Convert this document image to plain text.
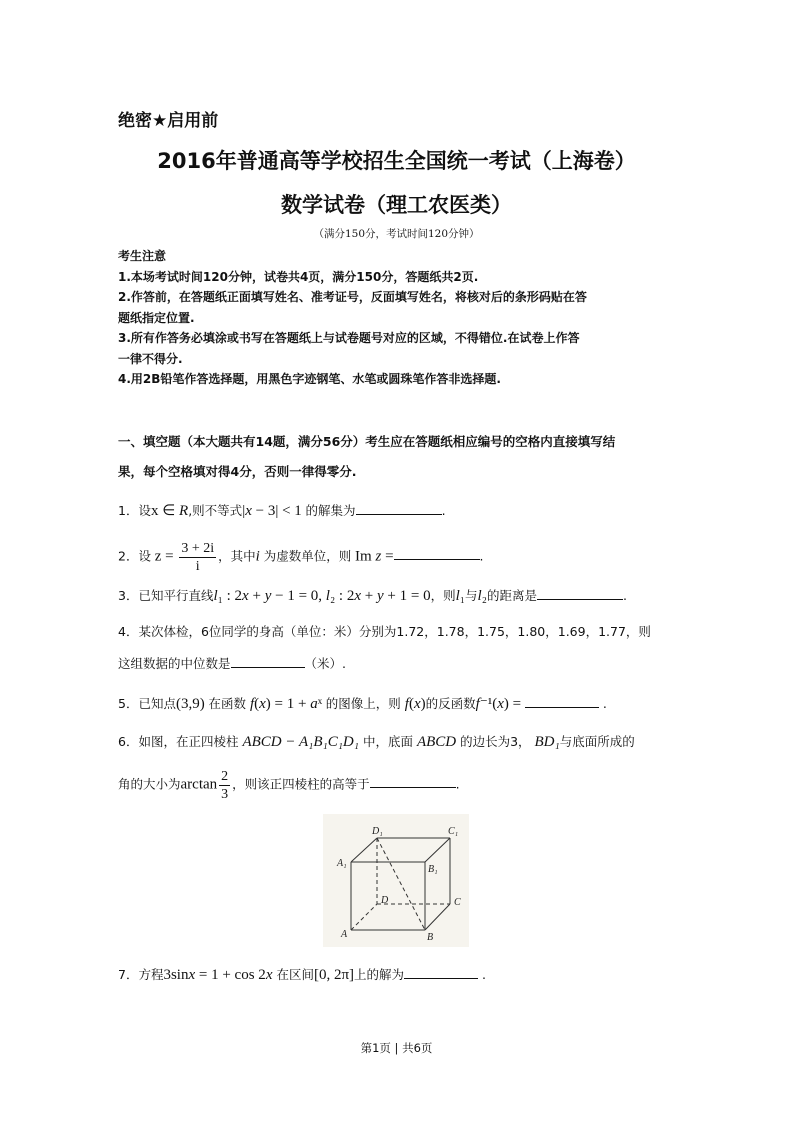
绝密★启用前
2016年普通高等学校招生全国统一考试（上海卷）
数学试卷（理工农医类）
（满分150分，考试时间120分钟）
考生注意
1.本场考试时间120分钟，试卷共4页，满分150分，答题纸共2页.
2.作答前，在答题纸正面填写姓名、准考证号，反面填写姓名，将核对后的条形码贴在答
题纸指定位置.
3.所有作答务必填涂或书写在答题纸上与试卷题号对应的区域，不得错位.在试卷上作答
一律不得分.
4.用2B铅笔作答选择题，用黑色字迹钢笔、水笔或圆珠笔作答非选择题.
一、填空题（本大题共有14题，满分56分）考生应在答题纸相应编号的空格内直接填写结
果，每个空格填对得4分，否则一律得零分.
1．设x ∈ R,则不等式|x − 3| < 1 的解集为	.
2．设 $z = \frac{3 + 2i}{i}$ ，其中i 为虚数单位，则 Im z =	.
3．已知平行直线l₁ : 2x + y − 1 = 0, l₂ : 2x + y + 1 = 0，则l₁与l₂的距离是	.
4．某次体检，6位同学的身高（单位：米）分别为1.72，1.78，1.75，1.80，1.69，1.77，则
这组数据的中位数是	（米）.
5．已知点(3,9) 在函数 f(x) = 1 + aˣ 的图像上，则 f(x)的反函数f⁻¹(x) =	.
6．如图，在正四棱柱 ABCD − A₁B₁C₁D₁ 中，底面 ABCD 的边长为3， BD₁与底面所成的
角的大小为$\arctan \frac{2}{3}$ ，则该正四棱柱的高等于	.
D₁	C₁
A₁
B₁
D	C
A	B
7．方程3sinx = 1 + cos 2x 在区间[0, 2π]上的解为	.
第1页 | 共6页
